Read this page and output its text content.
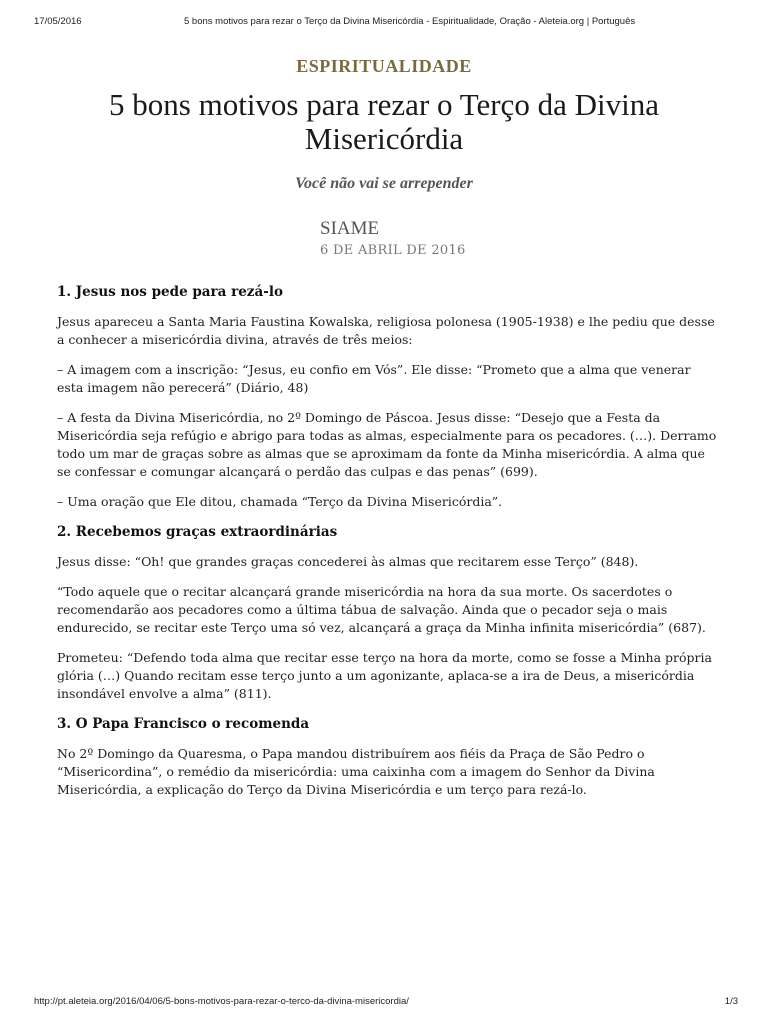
17/05/2016	5 bons motivos para rezar o Terço da Divina Misericórdia - Espiritualidade, Oração - Aleteia.org | Português
ESPIRITUALIDADE
5 bons motivos para rezar o Terço da Divina Misericórdia
Você não vai se arrepender
SIAME
6 DE ABRIL DE 2016
1. Jesus nos pede para rezá-lo

Jesus apareceu a Santa Maria Faustina Kowalska, religiosa polonesa (1905-1938) e lhe pediu que desse a conhecer a misericórdia divina, através de três meios:

– A imagem com a inscrição: “Jesus, eu confio em Vós”. Ele disse: “Prometo que a alma que venerar esta imagem não perecerá” (Diário, 48)

– A festa da Divina Misericórdia, no 2º Domingo de Páscoa. Jesus disse: “Desejo que a Festa da Misericórdia seja refúgio e abrigo para todas as almas, especialmente para os pecadores. (…). Derramo todo um mar de graças sobre as almas que se aproximam da fonte da Minha misericórdia. A alma que se confessar e comungar alcançará o perdão das culpas e das penas” (699).

– Uma oração que Ele ditou, chamada “Terço da Divina Misericórdia”.

2. Recebemos graças extraordinárias

Jesus disse: “Oh! que grandes graças concederei às almas que recitarem esse Terço” (848).

“Todo aquele que o recitar alcançará grande misericórdia na hora da sua morte. Os sacerdotes o recomendarão aos pecadores como a última tábua de salvação. Ainda que o pecador seja o mais endurecido, se recitar este Terço uma só vez, alcançará a graça da Minha infinita misericórdia” (687).

Prometeu: “Defendo toda alma que recitar esse terço na hora da morte, como se fosse a Minha própria glória (…) Quando recitam esse terço junto a um agonizante, aplaca-se a ira de Deus, a misericórdia insondável envolve a alma” (811).

3. O Papa Francisco o recomenda

No 2º Domingo da Quaresma, o Papa mandou distribuírem aos fiéis da Praça de São Pedro o “Misericordina”, o remédio da misericórdia: uma caixinha com a imagem do Senhor da Divina Misericórdia, a explicação do Terço da Divina Misericórdia e um terço para rezá-lo.

http://pt.aleteia.org/2016/04/06/5-bons-motivos-para-rezar-o-terco-da-divina-misericordia/	1/3
